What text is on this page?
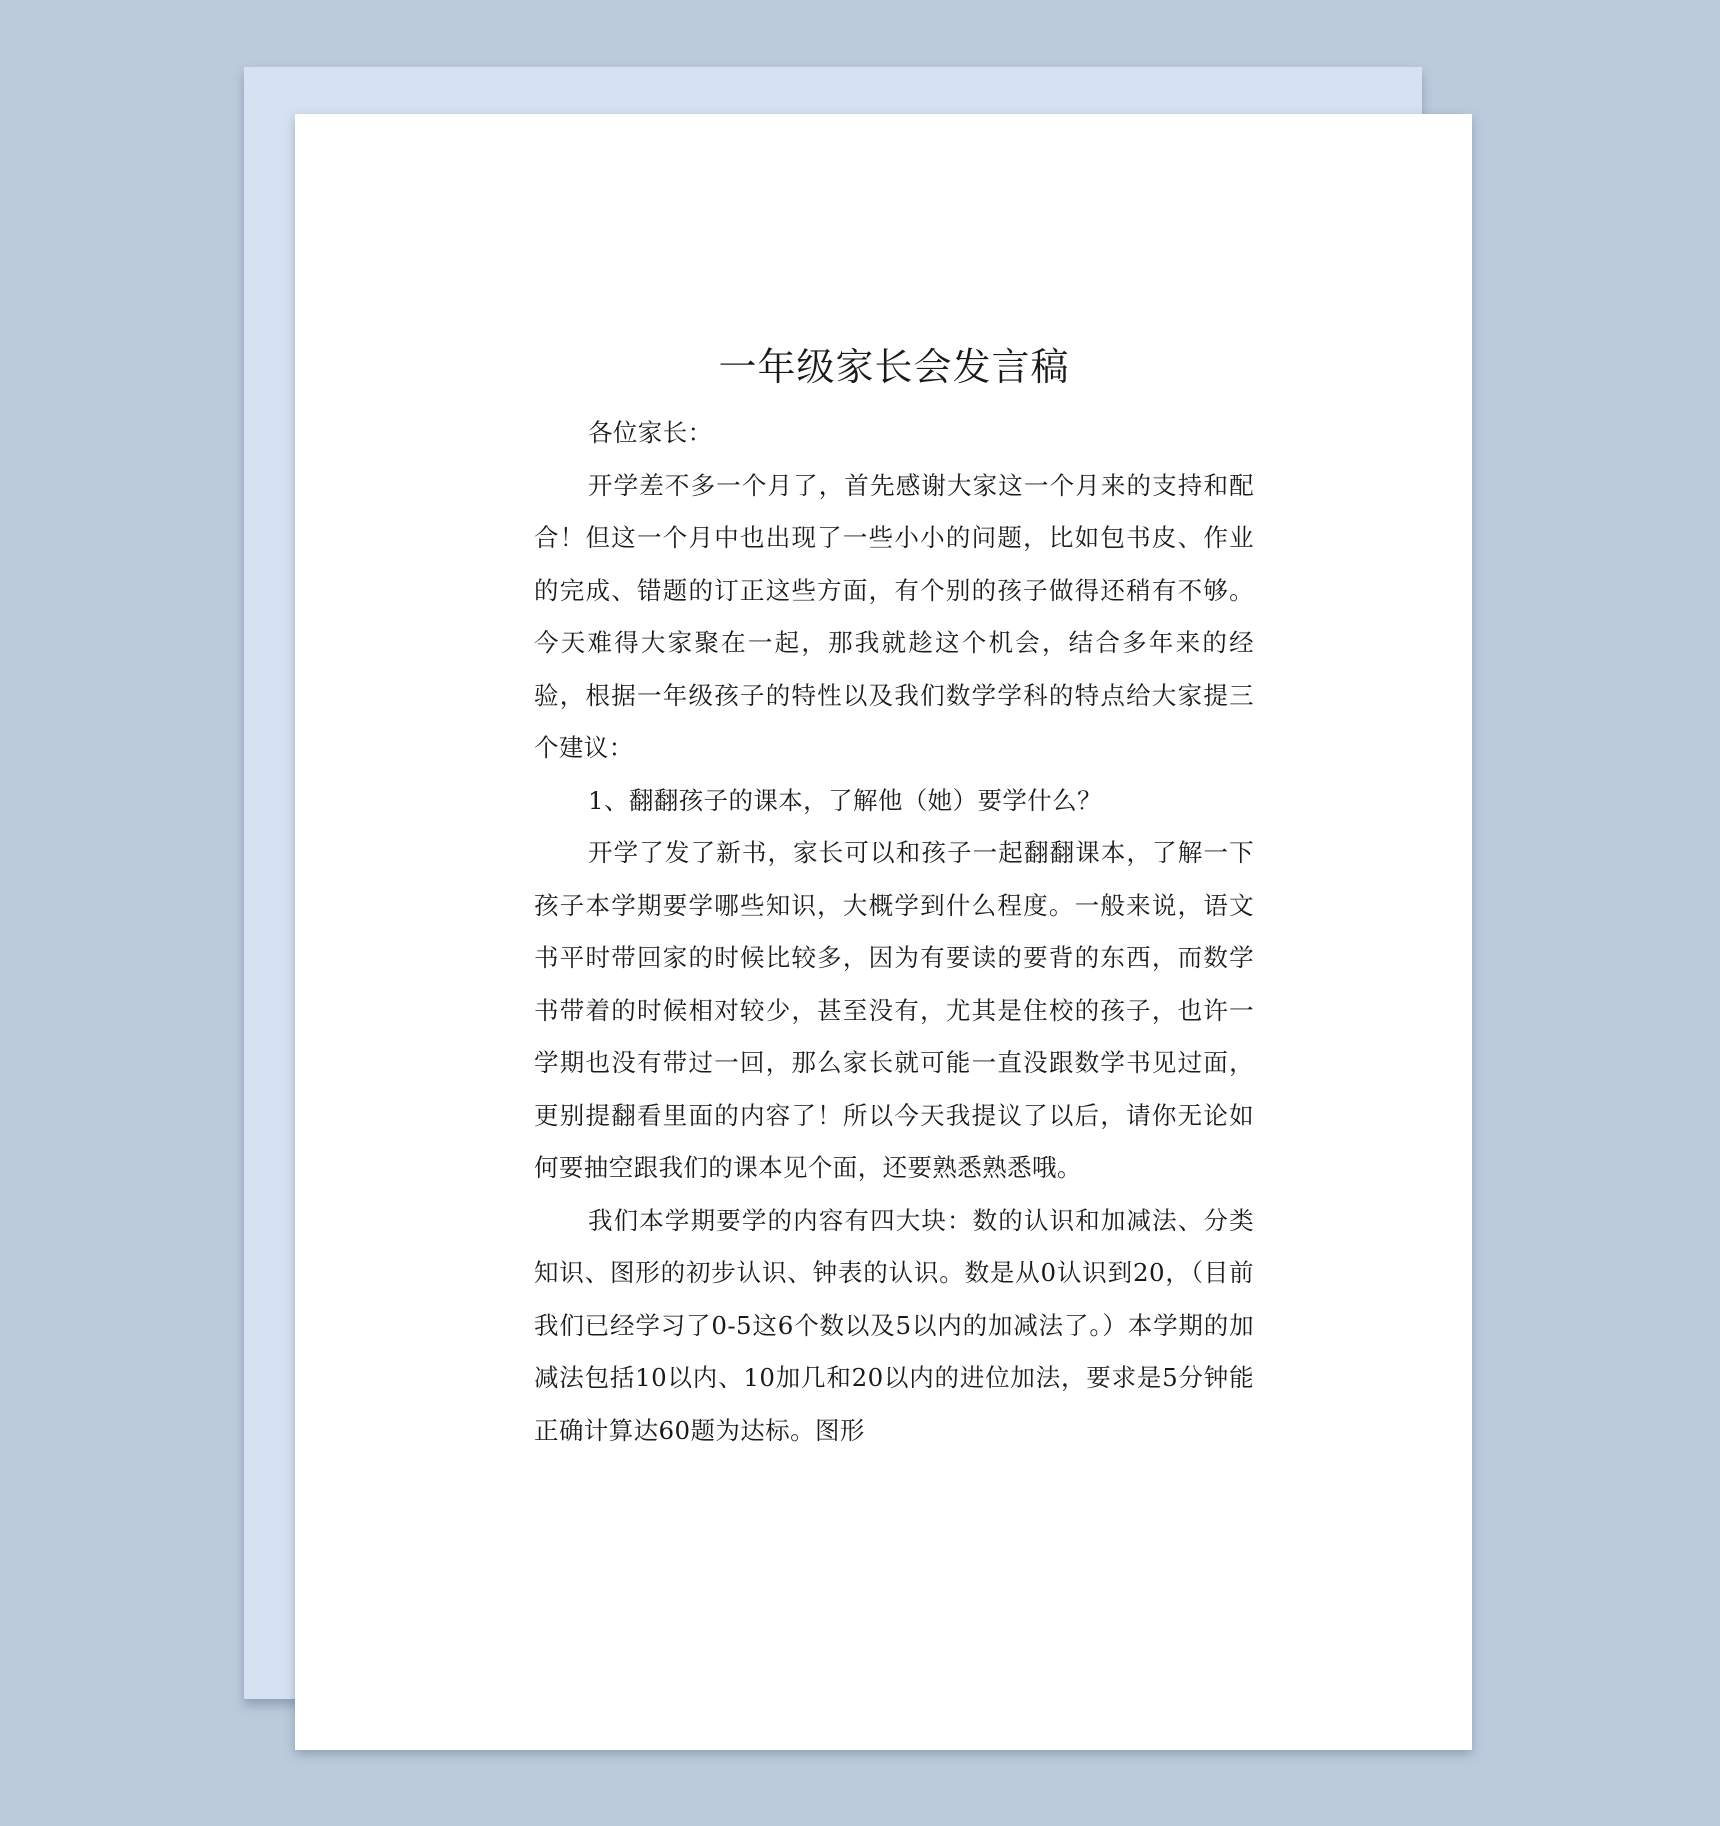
一年级家长会发言稿

各位家长：

开学差不多一个月了，首先感谢大家这一个月来的支持和配合！但这一个月中也出现了一些小小的问题，比如包书皮、作业的完成、错题的订正这些方面，有个别的孩子做得还稍有不够。今天难得大家聚在一起，那我就趁这个机会，结合多年来的经验，根据一年级孩子的特性以及我们数学学科的特点给大家提三个建议：

1、翻翻孩子的课本，了解他（她）要学什么？

开学了发了新书，家长可以和孩子一起翻翻课本，了解一下孩子本学期要学哪些知识，大概学到什么程度。一般来说，语文书平时带回家的时候比较多，因为有要读的要背的东西，而数学书带着的时候相对较少，甚至没有，尤其是住校的孩子，也许一学期也没有带过一回，那么家长就可能一直没跟数学书见过面，更别提翻看里面的内容了！所以今天我提议了以后，请你无论如何要抽空跟我们的课本见个面，还要熟悉熟悉哦。

我们本学期要学的内容有四大块：数的认识和加减法、分类知识、图形的初步认识、钟表的认识。数是从0认识到20，（目前我们已经学习了0-5这6个数以及5以内的加减法了。）本学期的加减法包括10以内、10加几和20以内的进位加法，要求是5分钟能正确计算达60题为达标。图形
